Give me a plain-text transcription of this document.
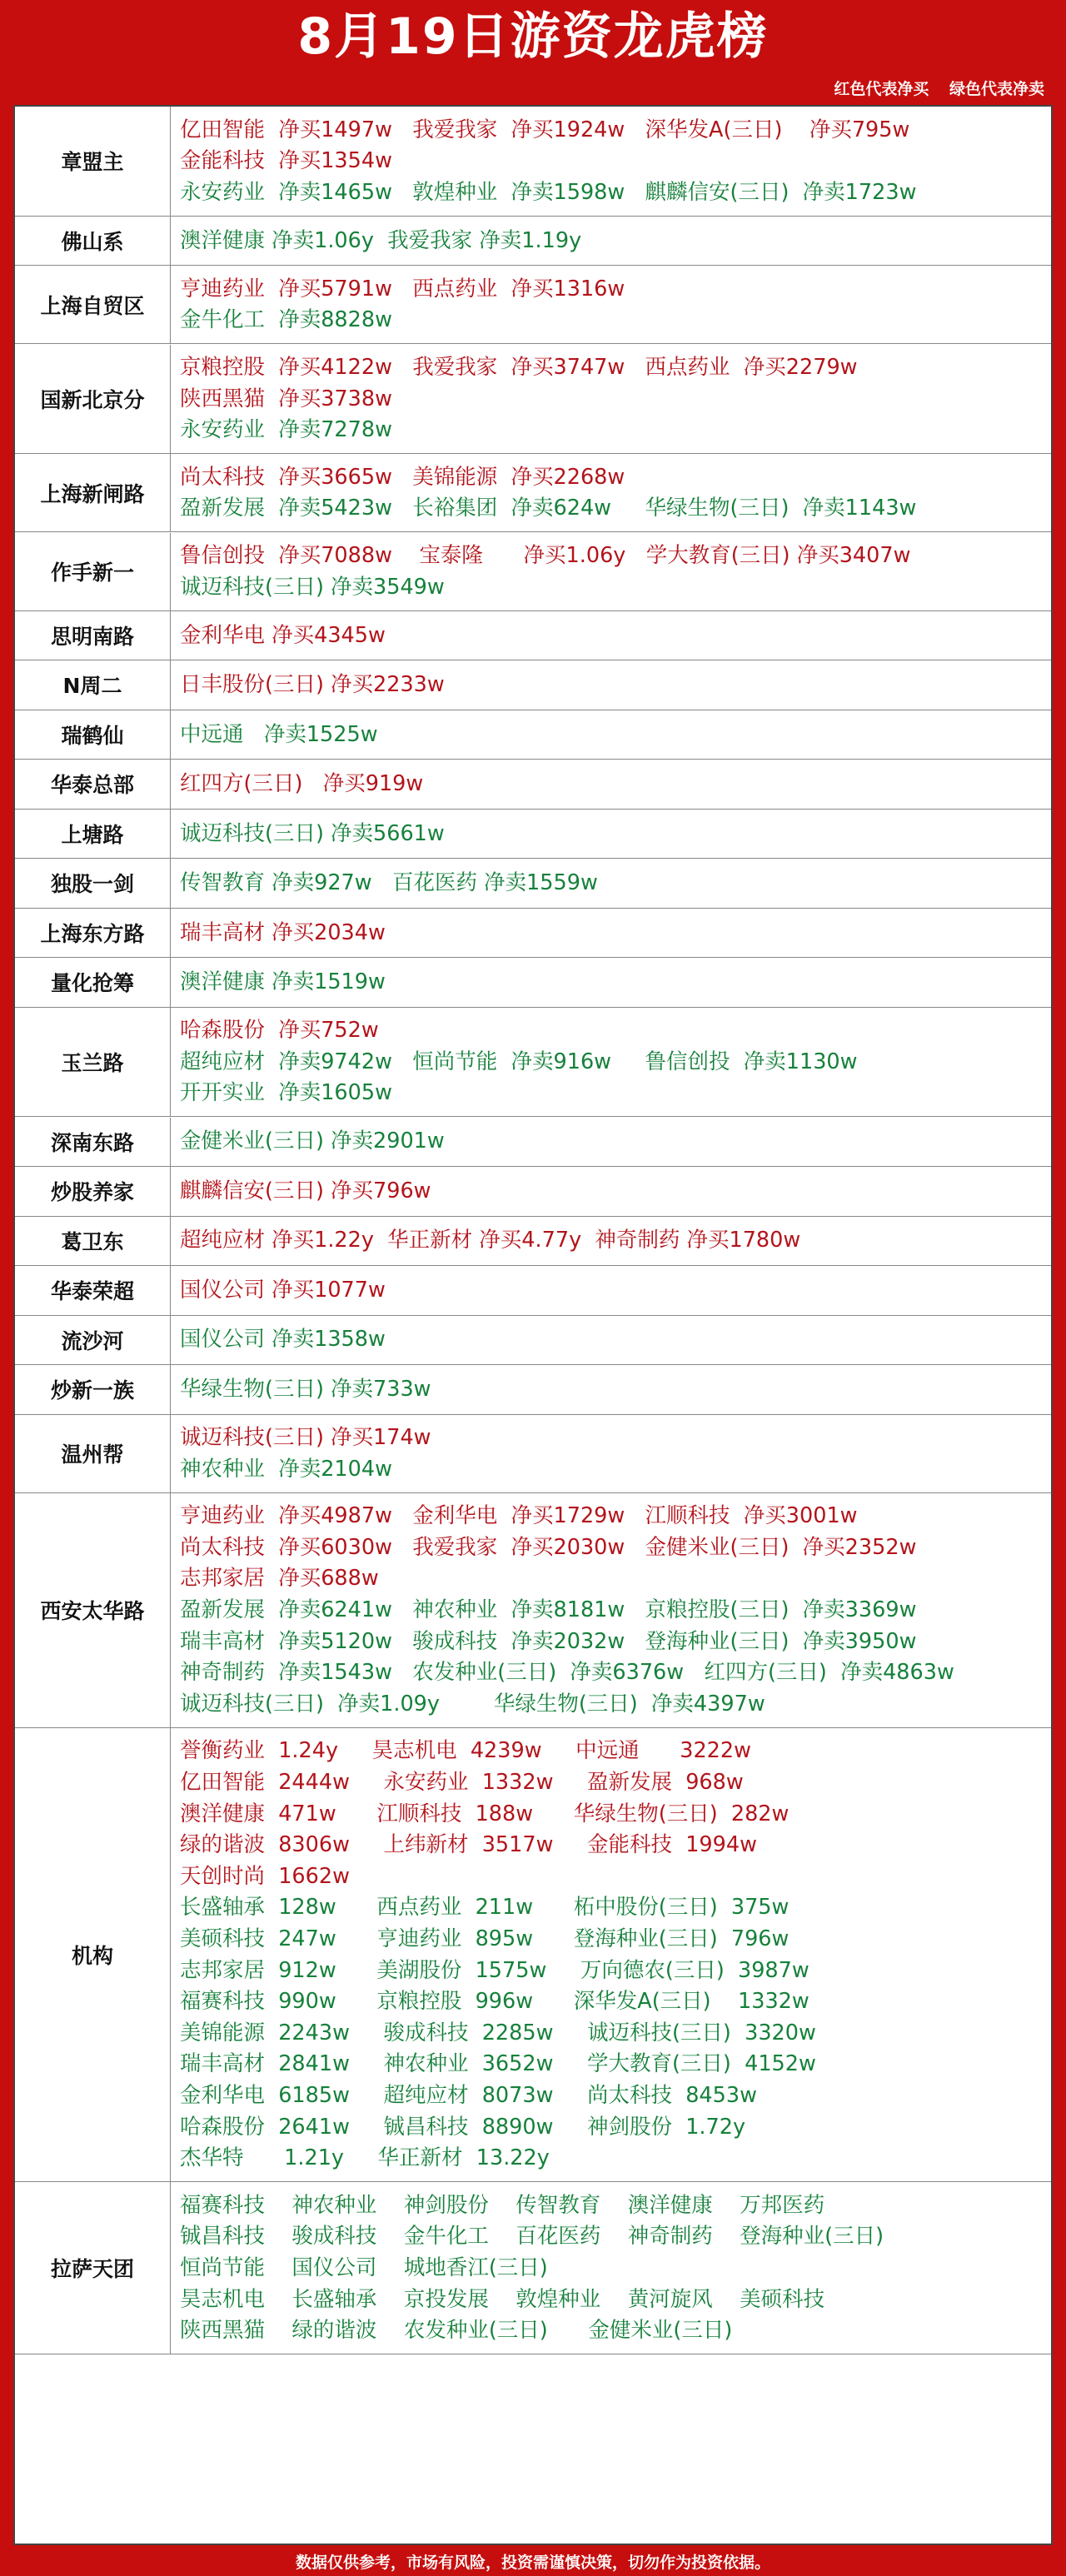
8月19日游资龙虎榜
红色代表净买 绿色代表净卖
章盟主
亿田智能  净买1497w   我爱我家  净买1924w   深华发A(三日)    净买795w
金能科技  净买1354w
永安药业  净卖1465w   敦煌种业  净卖1598w   麒麟信安(三日)  净卖1723w
佛山系	澳洋健康 净卖1.06y  我爱我家 净卖1.19y
上海自贸区
亨迪药业  净买5791w   西点药业  净买1316w
金牛化工  净卖8828w
国新北京分
京粮控股  净买4122w   我爱我家  净买3747w   西点药业  净买2279w
陕西黑猫  净买3738w
永安药业  净卖7278w
上海新闸路
尚太科技  净买3665w   美锦能源  净买2268w
盈新发展  净卖5423w   长裕集团  净卖624w     华绿生物(三日)  净卖1143w
作手新一
鲁信创投  净买7088w    宝泰隆      净买1.06y   学大教育(三日) 净买3407w
诚迈科技(三日) 净卖3549w
思明南路	金利华电 净买4345w
N周二	日丰股份(三日) 净买2233w
瑞鹤仙	中远通   净卖1525w
华泰总部	红四方(三日)   净买919w
上塘路	诚迈科技(三日) 净卖5661w
独股一剑	传智教育 净卖927w   百花医药 净卖1559w
上海东方路	瑞丰高材 净买2034w
量化抢筹	澳洋健康 净卖1519w
玉兰路
哈森股份  净买752w
超纯应材  净卖9742w   恒尚节能  净卖916w     鲁信创投  净卖1130w
开开实业  净卖1605w
深南东路	金健米业(三日) 净卖2901w
炒股养家	麒麟信安(三日) 净买796w
葛卫东	超纯应材 净买1.22y  华正新材 净买4.77y  神奇制药 净买1780w
华泰荣超	国仪公司 净买1077w
流沙河	国仪公司 净卖1358w
炒新一族	华绿生物(三日) 净卖733w
温州帮
诚迈科技(三日) 净买174w
神农种业  净卖2104w
西安太华路
亨迪药业  净买4987w   金利华电  净买1729w   江顺科技  净买3001w
尚太科技  净买6030w   我爱我家  净买2030w   金健米业(三日)  净买2352w
志邦家居  净买688w
盈新发展  净卖6241w   神农种业  净卖8181w   京粮控股(三日)  净卖3369w
瑞丰高材  净卖5120w   骏成科技  净卖2032w   登海种业(三日)  净卖3950w
神奇制药  净卖1543w   农发种业(三日)  净卖6376w   红四方(三日)  净卖4863w
诚迈科技(三日)  净卖1.09y        华绿生物(三日)  净卖4397w
机构
誉衡药业  1.24y     昊志机电  4239w     中远通      3222w
亿田智能  2444w     永安药业  1332w     盈新发展  968w
澳洋健康  471w      江顺科技  188w      华绿生物(三日)  282w
绿的谐波  8306w     上纬新材  3517w     金能科技  1994w
天创时尚  1662w
长盛轴承  128w      西点药业  211w      柘中股份(三日)  375w
美硕科技  247w      亨迪药业  895w      登海种业(三日)  796w
志邦家居  912w      美湖股份  1575w     万向德农(三日)  3987w
福赛科技  990w      京粮控股  996w      深华发A(三日)    1332w
美锦能源  2243w     骏成科技  2285w     诚迈科技(三日)  3320w
瑞丰高材  2841w     神农种业  3652w     学大教育(三日)  4152w
金利华电  6185w     超纯应材  8073w     尚太科技  8453w
哈森股份  2641w     铖昌科技  8890w     神剑股份  1.72y
杰华特      1.21y     华正新材  13.22y
拉萨天团
福赛科技    神农种业    神剑股份    传智教育    澳洋健康    万邦医药
铖昌科技    骏成科技    金牛化工    百花医药    神奇制药    登海种业(三日)
恒尚节能    国仪公司    城地香江(三日)
昊志机电    长盛轴承    京投发展    敦煌种业    黄河旋风    美硕科技
陕西黑猫    绿的谐波    农发种业(三日)      金健米业(三日)
数据仅供参考，市场有风险，投资需谨慎决策，切勿作为投资依据。
